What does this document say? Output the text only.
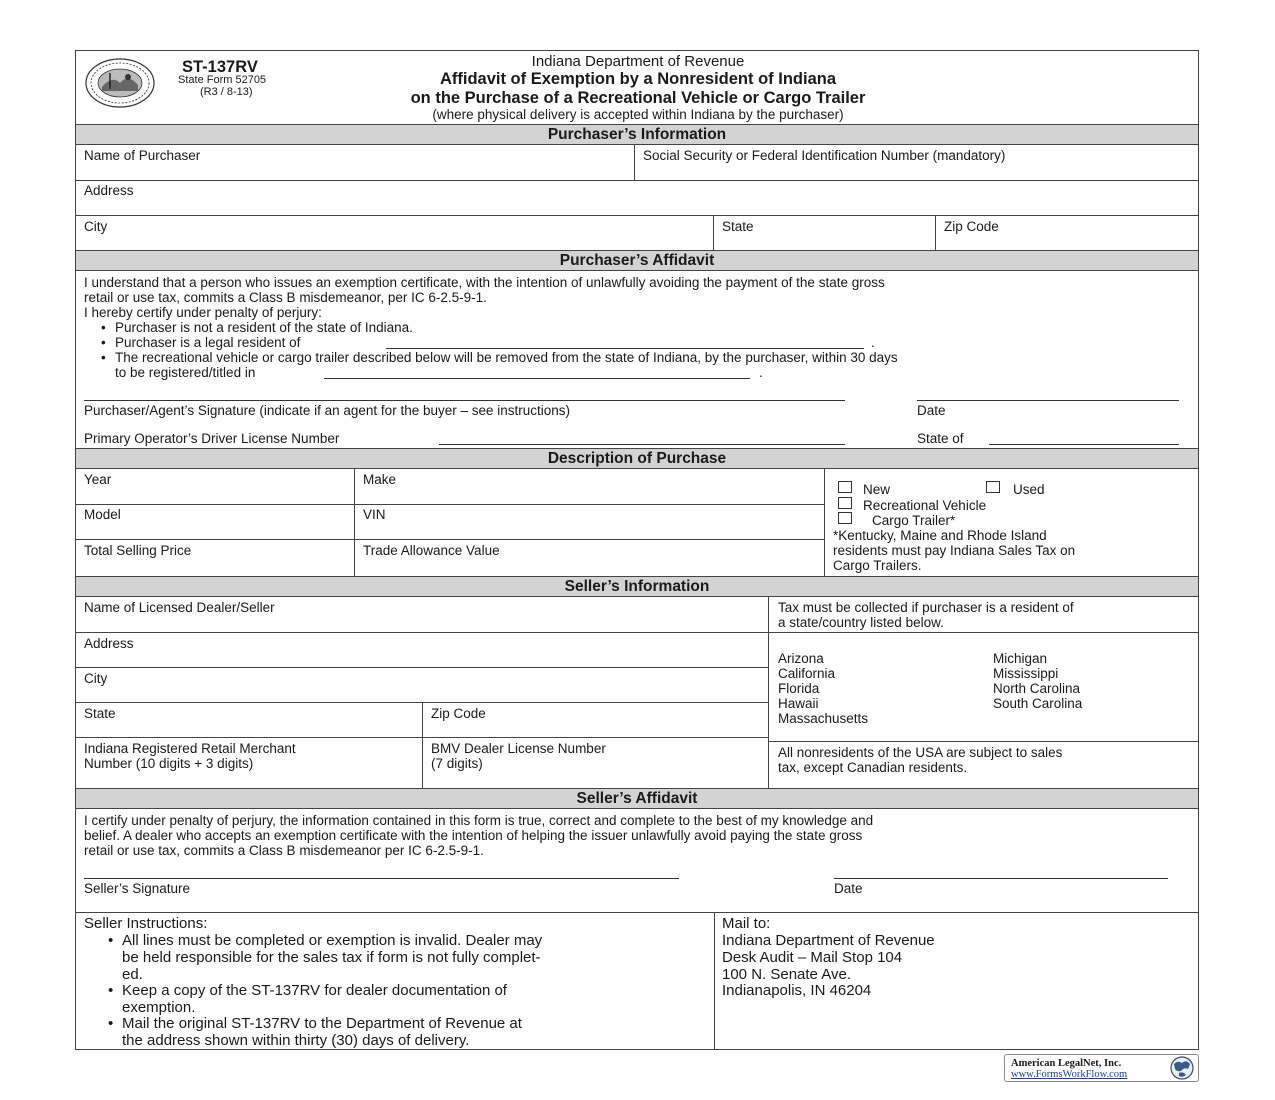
ST-137RV
State Form 52705
(R3 / 8-13)
Indiana Department of Revenue
Affidavit of Exemption by a Nonresident of Indiana
on the Purchase of a Recreational Vehicle or Cargo Trailer
(where physical delivery is accepted within Indiana by the purchaser)
Purchaser’s Information
Name of Purchaser	Social Security or Federal Identification Number (mandatory)
Address
City	State	Zip Code
Purchaser’s Affidavit
I understand that a person who issues an exemption certificate, with the intention of unlawfully avoiding the payment of the state gross
retail or use tax, commits a Class B misdemeanor, per IC 6-2.5-9-1.
I hereby certify under penalty of perjury:
• Purchaser is not a resident of the state of Indiana.
• Purchaser is a legal resident of	.
• The recreational vehicle or cargo trailer described below will be removed from the state of Indiana, by the purchaser, within 30 days
to be registered/titled in	.
Purchaser/Agent’s Signature (indicate if an agent for the buyer – see instructions)	Date
Primary Operator’s Driver License Number	State of
Description of Purchase
Year	Make
Model	VIN
Total Selling Price	Trade Allowance Value
New	Used
Recreational Vehicle
Cargo Trailer*
*Kentucky, Maine and Rhode Island
residents must pay Indiana Sales Tax on
Cargo Trailers.
Seller’s Information
Name of Licensed Dealer/Seller
Address
City
State	Zip Code
Indiana Registered Retail Merchant
Number (10 digits + 3 digits)
BMV Dealer License Number
(7 digits)
Tax must be collected if purchaser is a resident of
a state/country listed below.
Arizona
California
Florida
Hawaii
Massachusetts
Michigan
Mississippi
North Carolina
South Carolina
All nonresidents of the USA are subject to sales
tax, except Canadian residents.
Seller’s Affidavit
I certify under penalty of perjury, the information contained in this form is true, correct and complete to the best of my knowledge and
belief. A dealer who accepts an exemption certificate with the intention of helping the issuer unlawfully avoid paying the state gross
retail or use tax, commits a Class B misdemeanor per IC 6-2.5-9-1.
Seller’s Signature	Date
Seller Instructions:
• All lines must be completed or exemption is invalid. Dealer may
be held responsible for the sales tax if form is not fully complet-
ed.
• Keep a copy of the ST-137RV for dealer documentation of
exemption.
• Mail the original ST-137RV to the Department of Revenue at
the address shown within thirty (30) days of delivery.
Mail to:
Indiana Department of Revenue
Desk Audit – Mail Stop 104
100 N. Senate Ave.
Indianapolis, IN 46204
American LegalNet, Inc.
www.FormsWorkFlow.com
